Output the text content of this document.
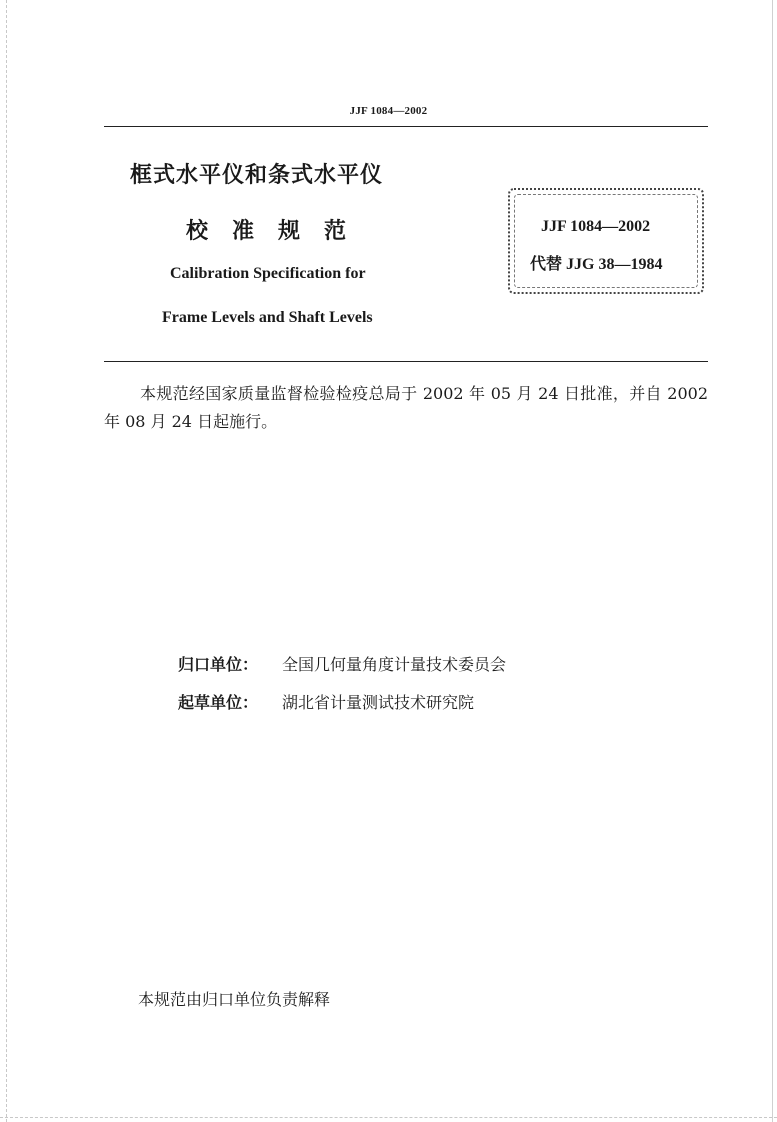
JJF 1084—2002
框式水平仪和条式水平仪
校准规范
Calibration Specification for
Frame Levels and Shaft Levels
JJF 1084—2002
代替 JJG 38—1984
本规范经国家质量监督检验检疫总局于 2002 年 05 月 24 日批准，并自 2002 年 08 月 24 日起施行。
归口单位： 全国几何量角度计量技术委员会
起草单位： 湖北省计量测试技术研究院
本规范由归口单位负责解释
